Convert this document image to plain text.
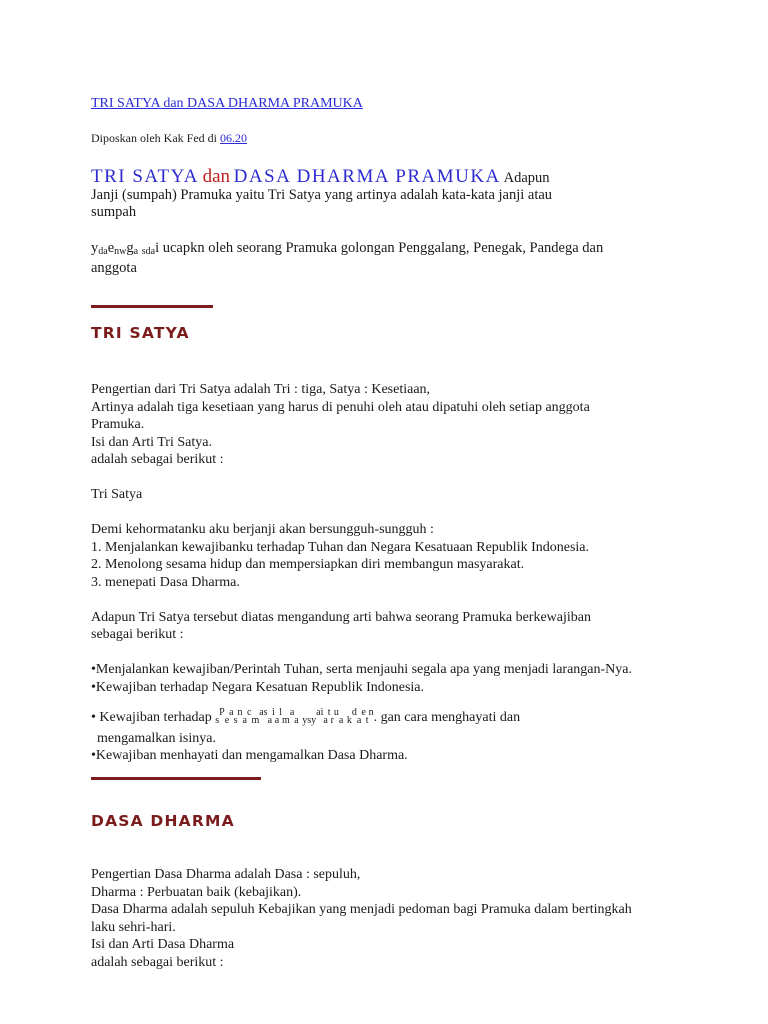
TRI SATYA dan DASA DHARMA PRAMUKA
Diposkan oleh Kak Fed di 06.20
TRI SATYA dan DASA DHARMA PRAMUKA Adapun
Janji (sumpah) Pramuka yaitu Tri Satya yang artinya adalah kata-kata janji atau
sumpah
$y_{da}e_{nw}g_a$ $_{sda}$i ucapkn oleh seorang Pramuka golongan Penggalang, Penegak, Pandega dan
anggota
TRI SATYA
Pengertian dari Tri Satya adalah Tri : tiga, Satya : Kesetiaan,
Artinya adalah tiga kesetiaan yang harus di penuhi oleh atau dipatuhi oleh setiap anggota
Pramuka.
Isi dan Arti Tri Satya.
adalah sebagai berikut :
Tri Satya
Demi kehormatanku aku berjanji akan bersungguh-sungguh :
1. Menjalankan kewajibanku terhadap Tuhan dan Negara Kesatuaan Republik Indonesia.
2. Menolong sesama hidup dan mempersiapkan diri membangun masyarakat.
3. menepati Dasa Dharma.
Adapun Tri Satya tersebut diatas mengandung arti bahwa seorang Pramuka berkewajiban
sebagai berikut :
•Menjalankan kewajiban/Perintah Tuhan, serta menjauhi segala apa yang menjadi larangan-Nya.
•Kewajiban terhadap Negara Kesatuan Republik Indonesia.
• Kewajiban terhadap $_s^P_e^a_s^n_a^c_m^{as}_a^i_a^l_m^a_a$ $_{ysy}^{ai}_a^t_r^u_a$ $_k^d_a^e_t^n$. gan cara menghayati dan
mengamalkan isinya.
•Kewajiban menhayati dan mengamalkan Dasa Dharma.
DASA DHARMA
Pengertian Dasa Dharma adalah Dasa : sepuluh,
Dharma : Perbuatan baik (kebajikan).
Dasa Dharma adalah sepuluh Kebajikan yang menjadi pedoman bagi Pramuka dalam bertingkah
laku sehri-hari.
Isi dan Arti Dasa Dharma
adalah sebagai berikut :
